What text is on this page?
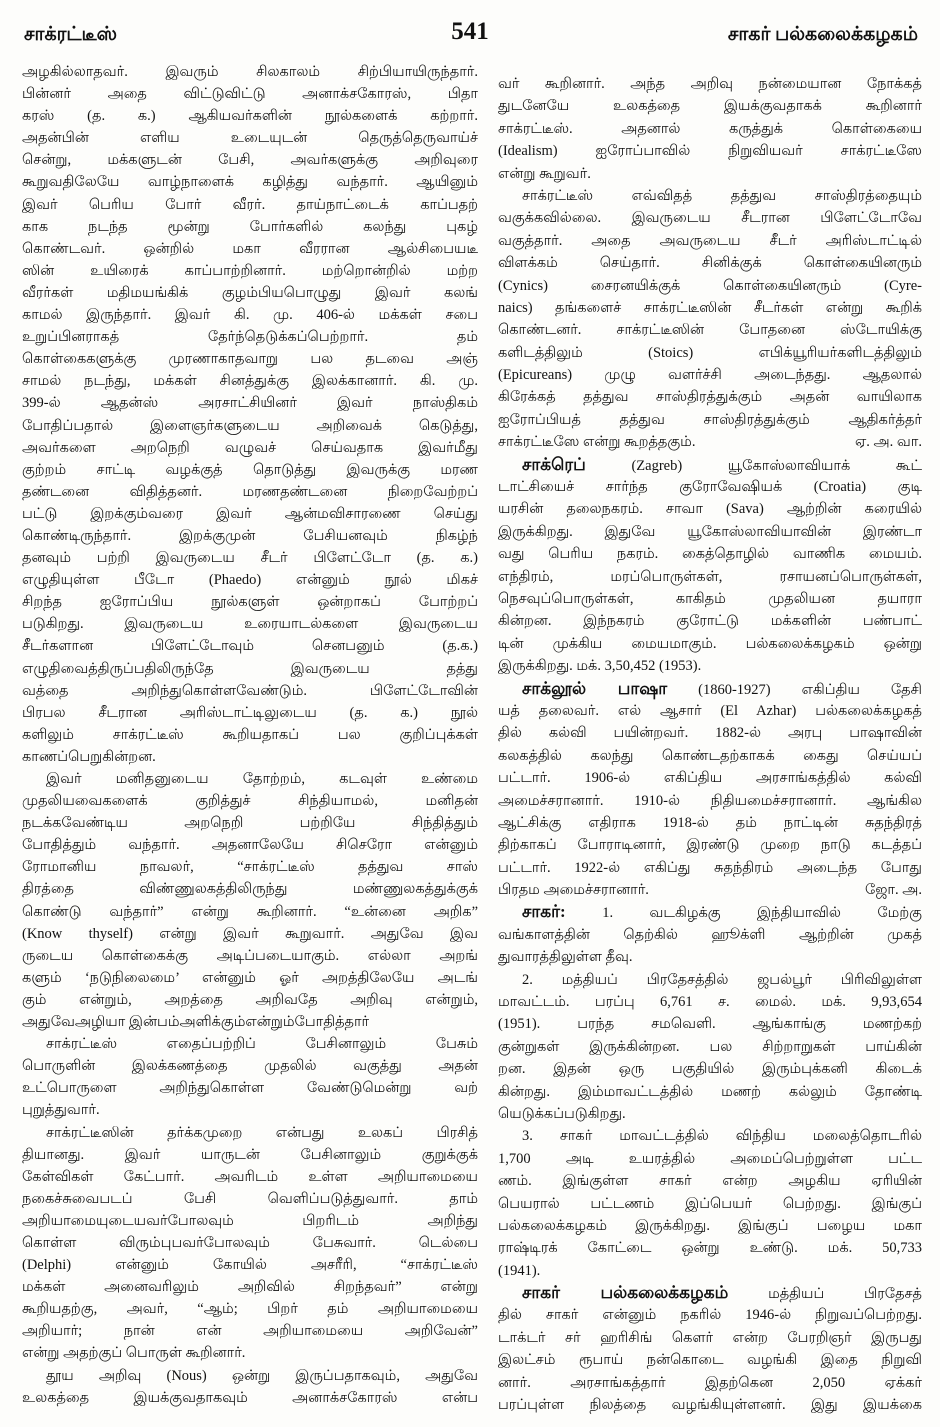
சாக்ரட்டீஸ்	541	சாகர் பல்கலைக்கழகம்
அழகில்லாதவர். இவரும் சிலகாலம் சிற்பியாயிருந்தார்.
பின்னர் அதை விட்டுவிட்டு அனாக்சகோரஸ், பிதா
கரஸ் (த. க.) ஆகியவர்களின் நூல்களைக் கற்றார்.
அதன்பின் எளிய உடையுடன் தெருத்தெருவாய்ச்
சென்று, மக்களுடன் பேசி, அவர்களுக்கு அறிவுரை
கூறுவதிலேயே வாழ்நாளைக் கழித்து வந்தார். ஆயினும்
இவர் பெரிய போர் வீரர். தாய்நாட்டைக் காப்பதற்
காக நடந்த மூன்று போர்களில் கலந்து புகழ்
கொண்டவர். ஒன்றில் மகா வீரரான ஆல்சிபையடீ
ஸின் உயிரைக் காப்பாற்றினார். மற்றொன்றில் மற்ற
வீரர்கள் மதிமயங்கிக் குழம்பியபொழுது இவர் கலங்
காமல் இருந்தார். இவர் கி. மு. 406-ல் மக்கள் சபை
உறுப்பினராகத் தேர்ந்தெடுக்கப்பெற்றார். தம்
கொள்கைகளுக்கு முரணாகாதவாறு பல தடவை அஞ்
சாமல் நடந்து, மக்கள் சினத்துக்கு இலக்கானார். கி. மு.
399-ல் ஆதன்ஸ் அரசாட்சியினர் இவர் நாஸ்திகம்
போதிப்பதால் இளைஞர்களுடைய அறிவைக் கெடுத்து,
அவர்களை அறநெறி வழுவச் செய்வதாக இவர்மீது
குற்றம் சாட்டி வழக்குத் தொடுத்து இவருக்கு மரண
தண்டனை விதித்தனர். மரணதண்டனை நிறைவேற்றப்
பட்டு இறக்கும்வரை இவர் ஆன்மவிசாரணை செய்து
கொண்டிருந்தார். இறக்குமுன் பேசியனவும் நிகழ்ந்
தனவும் பற்றி இவருடைய சீடர் பிளேட்டோ (த. க.)
எழுதியுள்ள பீடோ (Phaedo) என்னும் நூல் மிகச்
சிறந்த ஐரோப்பிய நூல்களுள் ஒன்றாகப் போற்றப்
படுகிறது. இவருடைய உரையாடல்களை இவருடைய
சீடர்களான பிளேட்டோவும் செனபனும் (த.க.)
எழுதிவைத்திருப்பதிலிருந்தே இவருடைய தத்து
வத்தை அறிந்துகொள்ளவேண்டும். பிளேட்டோவின்
பிரபல சீடரான அரிஸ்டாட்டிலுடைய (த. க.) நூல்
களிலும் சாக்ரட்டீஸ் கூறியதாகப் பல குறிப்புக்கள்
காணப்பெறுகின்றன.
இவர் மனிதனுடைய தோற்றம், கடவுள் உண்மை
முதலியவைகளைக் குறித்துச் சிந்தியாமல், மனிதன்
நடக்கவேண்டிய அறநெறி பற்றியே சிந்தித்தும்
போதித்தும் வந்தார். அதனாலேயே சிசெரோ என்னும்
ரோமானிய நாவலர், “சாக்ரட்டீஸ் தத்துவ சாஸ்
திரத்தை விண்ணுலகத்திலிருந்து மண்ணுலகத்துக்குக்
கொண்டு வந்தார்” என்று கூறினார். “உன்னை அறிக”
(Know thyself) என்று இவர் கூறுவார். அதுவே இவ
ருடைய கொள்கைக்கு அடிப்படையாகும். எல்லா அறங்
களும் ‘நடுநிலைமை’ என்னும் ஓர் அறத்திலேயே அடங்
கும் என்றும், அறத்தை அறிவதே அறிவு என்றும்,
அதுவேஅழியா இன்பம்அளிக்கும்என்றும்போதித்தார்
சாக்ரட்டீஸ் எதைப்பற்றிப் பேசினாலும் பேசும்
பொருளின் இலக்கணத்தை முதலில் வகுத்து அதன்
உட்பொருளை அறிந்துகொள்ள வேண்டுமென்று வற்
புறுத்துவார்.
சாக்ரட்டீஸின் தர்க்கமுறை என்பது உலகப் பிரசித்
தியானது. இவர் யாருடன் பேசினாலும் குறுக்குக்
கேள்விகள் கேட்பார். அவரிடம் உள்ள அறியாமையை
நகைச்சுவைபடப் பேசி வெளிப்படுத்துவார். தாம்
அறியாமையுடையவர்போலவும் பிறரிடம் அறிந்து
கொள்ள விரும்புபவர்போலவும் பேசுவார். டெல்பை
(Delphi) என்னும் கோயில் அசரீரி, “சாக்ரட்டீஸ்
மக்கள் அனைவரிலும் அறிவில் சிறந்தவர்” என்று
கூறியதற்கு, அவர், “ஆம்; பிறர் தம் அறியாமையை
அறியார்; நான் என் அறியாமையை அறிவேன்”
என்று அதற்குப் பொருள் கூறினார்.
தூய அறிவு (Nous) ஒன்று இருப்பதாகவும், அதுவே
உலகத்தை இயக்குவதாகவும் அனாக்சகோரஸ் என்ப
வர் கூறினார். அந்த அறிவு நன்மையான நோக்கத்
துடனேயே உலகத்தை இயக்குவதாகக் கூறினார்
சாக்ரட்டீஸ். அதனால் கருத்துக் கொள்கையை
(Idealism) ஐரோப்பாவில் நிறுவியவர் சாக்ரட்டீஸே
என்று கூறுவர்.
சாக்ரட்டீஸ் எவ்விதத் தத்துவ சாஸ்திரத்தையும்
வகுக்கவில்லை. இவருடைய சீடரான பிளேட்டோவே
வகுத்தார். அதை அவருடைய சீடர் அரிஸ்டாட்டில்
விளக்கம் செய்தார். சினிக்குக் கொள்கையினரும்
(Cynics) சைரனயிக்குக் கொள்கையினரும் (Cyre-
naics) தங்களைச் சாக்ரட்டீஸின் சீடர்கள் என்று கூறிக்
கொண்டனர். சாக்ரட்டீஸின் போதனை ஸ்டோயிக்கு
களிடத்திலும் (Stoics) எபிக்யூரியர்களிடத்திலும்
(Epicureans) முழு வளர்ச்சி அடைந்தது. ஆதலால்
கிரேக்கத் தத்துவ சாஸ்திரத்துக்கும் அதன் வாயிலாக
ஐரோப்பியத் தத்துவ சாஸ்திரத்துக்கும் ஆதிகர்த்தர்
சாக்ரட்டீஸே என்று கூறத்தகும்.	ஏ. அ. வா.
சாக்ரெப் (Zagreb) யூகோஸ்லாவியாக் கூட்
டாட்சியைச் சார்ந்த குரோவேஷியக் (Croatia) குடி
யரசின் தலைநகரம். சாவா (Sava) ஆற்றின் கரையில்
இருக்கிறது. இதுவே யூகோஸ்லாவியாவின் இரண்டா
வது பெரிய நகரம். கைத்தொழில் வாணிக மையம்.
எந்திரம், மரப்பொருள்கள், ரசாயனப்பொருள்கள்,
நெசவுப்பொருள்கள், காகிதம் முதலியன தயாரா
கின்றன. இந்நகரம் குரோட்டு மக்களின் பண்பாட்
டின் முக்கிய மையமாகும். பல்கலைக்கழகம் ஒன்று
இருக்கிறது. மக். 3,50,452 (1953).
சாக்லூல் பாஷா (1860-1927) எகிப்திய தேசி
யத் தலைவர். எல் ஆசார் (El Azhar) பல்கலைக்கழகத்
தில் கல்வி பயின்றவர். 1882-ல் அரபு பாஷாவின்
கலகத்தில் கலந்து கொண்டதற்காகக் கைது செய்யப்
பட்டார். 1906-ல் எகிப்திய அரசாங்கத்தில் கல்வி
அமைச்சரானார். 1910-ல் நிதியமைச்சரானார். ஆங்கில
ஆட்சிக்கு எதிராக 1918-ல் தம் நாட்டின் சுதந்திரத்
திற்காகப் போராடினார், இரண்டு முறை நாடு கடத்தப்
பட்டார். 1922-ல் எகிப்து சுதந்திரம் அடைந்த போது
பிரதம அமைச்சரானார்.	ஜோ. அ.
சாகர்: 1. வடகிழக்கு இந்தியாவில் மேற்கு
வங்காளத்தின் தெற்கில் ஹூக்ளி ஆற்றின் முகத்
துவாரத்திலுள்ள தீவு.
2. மத்தியப் பிரதேசத்தில் ஜபல்பூர் பிரிவிலுள்ள
மாவட்டம். பரப்பு 6,761 ச. மைல். மக். 9,93,654
(1951). பரந்த சமவெளி. ஆங்காங்கு மணற்கற்
குன்றுகள் இருக்கின்றன. பல சிற்றாறுகள் பாய்கின்
றன. இதன் ஒரு பகுதியில் இரும்புக்கனி கிடைக்
கின்றது. இம்மாவட்டத்தில் மணற் கல்லும் தோண்டி
யெடுக்கப்படுகிறது.
3. சாகர் மாவட்டத்தில் விந்திய மலைத்தொடரில்
1,700 அடி உயரத்தில் அமைப்பெற்றுள்ள பட்ட
ணம். இங்குள்ள சாகர் என்ற அழகிய ஏரியின்
பெயரால் பட்டணம் இப்பெயர் பெற்றது. இங்குப்
பல்கலைக்கழகம் இருக்கிறது. இங்குப் பழைய மகா
ராஷ்டிரக் கோட்டை ஒன்று உண்டு. மக். 50,733
(1941).
சாகர் பல்கலைக்கழகம் மத்தியப் பிரதேசத்
தில் சாகர் என்னும் நகரில் 1946-ல் நிறுவப்பெற்றது.
டாக்டர் சர் ஹரிசிங் கௌர் என்ற பேரறிஞர் இருபது
இலட்சம் ரூபாய் நன்கொடை வழங்கி இதை நிறுவி
னார். அரசாங்கத்தார் இதற்கென 2,050 ஏக்கர்
பரப்புள்ள நிலத்தை வழங்கியுள்ளனர். இது இயக்கை
